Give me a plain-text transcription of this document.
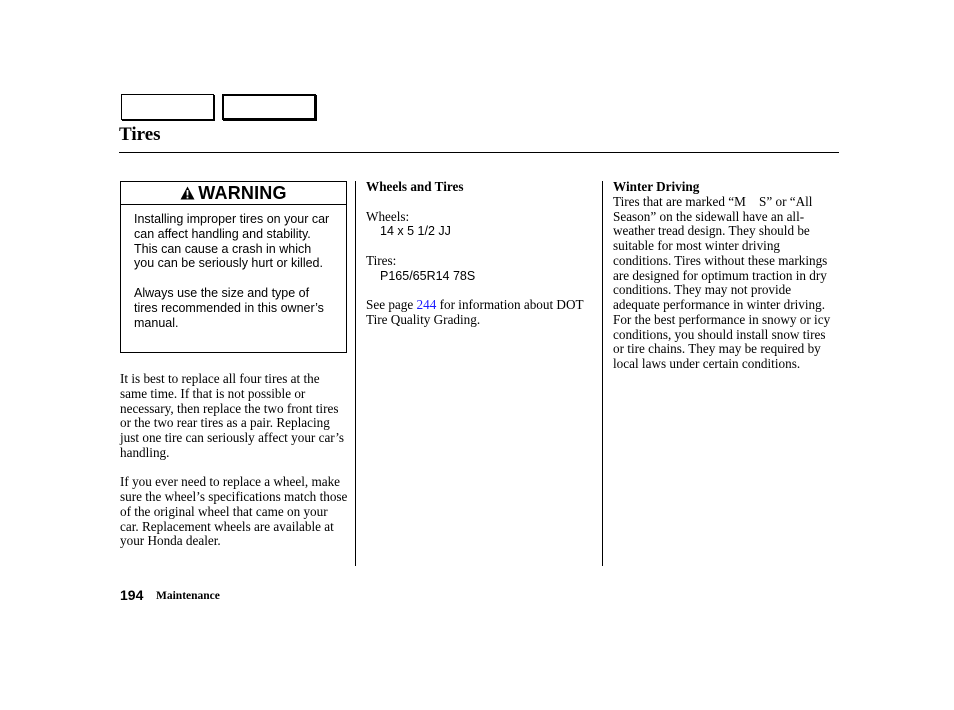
Tires
WARNING

Installing improper tires on your car can affect handling and stability. This can cause a crash in which you can be seriously hurt or killed.

Always use the size and type of tires recommended in this owner’s manual.

It is best to replace all four tires at the same time. If that is not possible or necessary, then replace the two front tires or the two rear tires as a pair. Replacing just one tire can seriously affect your car’s handling.

If you ever need to replace a wheel, make sure the wheel’s specifications match those of the original wheel that came on your car. Replacement wheels are available at your Honda dealer.

Wheels and Tires
Wheels:
14 x 5 1/2 JJ
Tires:
P165/65R14 78S
See page 244 for information about DOT Tire Quality Grading.
Winter Driving
Tires that are marked “M    S” or “All Season” on the sidewall have an all-weather tread design. They should be suitable for most winter driving conditions. Tires without these markings are designed for optimum traction in dry conditions. They may not provide adequate performance in winter driving.
For the best performance in snowy or icy conditions, you should install snow tires or tire chains. They may be required by local laws under certain conditions.
194 Maintenance
